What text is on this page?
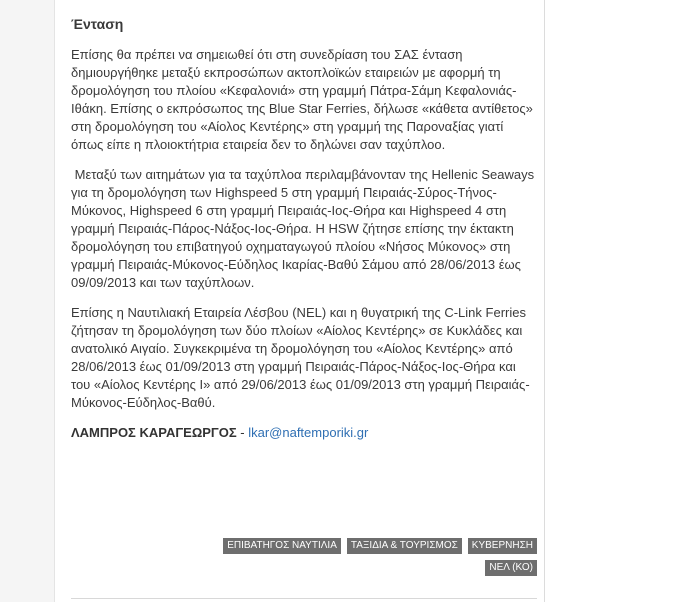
Ένταση

Επίσης θα πρέπει να σημειωθεί ότι στη συνεδρίαση του ΣΑΣ ένταση δημιουργήθηκε μεταξύ εκπροσώπων ακτοπλοϊκών εταιρειών με αφορμή τη δρομολόγηση του πλοίου «Κεφαλονιά» στη γραμμή Πάτρα-Σάμη Κεφαλονιάς-Ιθάκη. Επίσης ο εκπρόσωπος της Blue Star Ferries, δήλωσε «κάθετα αντίθετος» στη δρομολόγηση του «Αίολος Κεντέρης» στη γραμμή της Παροναξίας γιατί όπως είπε η πλοιοκτήτρια εταιρεία δεν το δηλώνει σαν ταχύπλοο.

Μεταξύ των αιτημάτων για τα ταχύπλοα περιλαμβάνονταν της Hellenic Seaways για τη δρομολόγηση των Highspeed 5 στη γραμμή Πειραιάς-Σύρος-Τήνος-Μύκονος, Highspeed 6 στη γραμμή Πειραιάς-Ιος-Θήρα και Highspeed 4 στη γραμμή Πειραιάς-Πάρος-Νάξος-Ιος-Θήρα. Η HSW ζήτησε επίσης την έκτακτη δρομολόγηση του επιβατηγού οχηματαγωγού πλοίου «Νήσος Μύκονος» στη γραμμή Πειραιάς-Μύκονος-Εύδηλος Ικαρίας-Βαθύ Σάμου από 28/06/2013 έως 09/09/2013 και των ταχύπλοων.

Επίσης η Ναυτιλιακή Εταιρεία Λέσβου (NEL) και η θυγατρική της C-Link Ferries ζήτησαν τη δρομολόγηση των δύο πλοίων «Αίολος Κεντέρης» σε Κυκλάδες και ανατολικό Αιγαίο. Συγκεκριμένα τη δρομολόγηση του «Αίολος Κεντέρης» από 28/06/2013 έως 01/09/2013 στη γραμμή Πειραιάς-Πάρος-Νάξος-Ιος-Θήρα και του «Αίολος Κεντέρης Ι» από 29/06/2013 έως 01/09/2013 στη γραμμή Πειραιάς-Μύκονος-Εύδηλος-Βαθύ.

ΛΑΜΠΡΟΣ ΚΑΡΑΓΕΩΡΓΟΣ - lkar@naftemporiki.gr
ΕΠΙΒΑΤΗΓΟΣ ΝΑΥΤΙΛΙΑ ΤΑΞΙΔΙΑ & ΤΟΥΡΙΣΜΟΣ ΚΥΒΕΡΝΗΣΗ
ΝΕΛ (ΚΟ)
